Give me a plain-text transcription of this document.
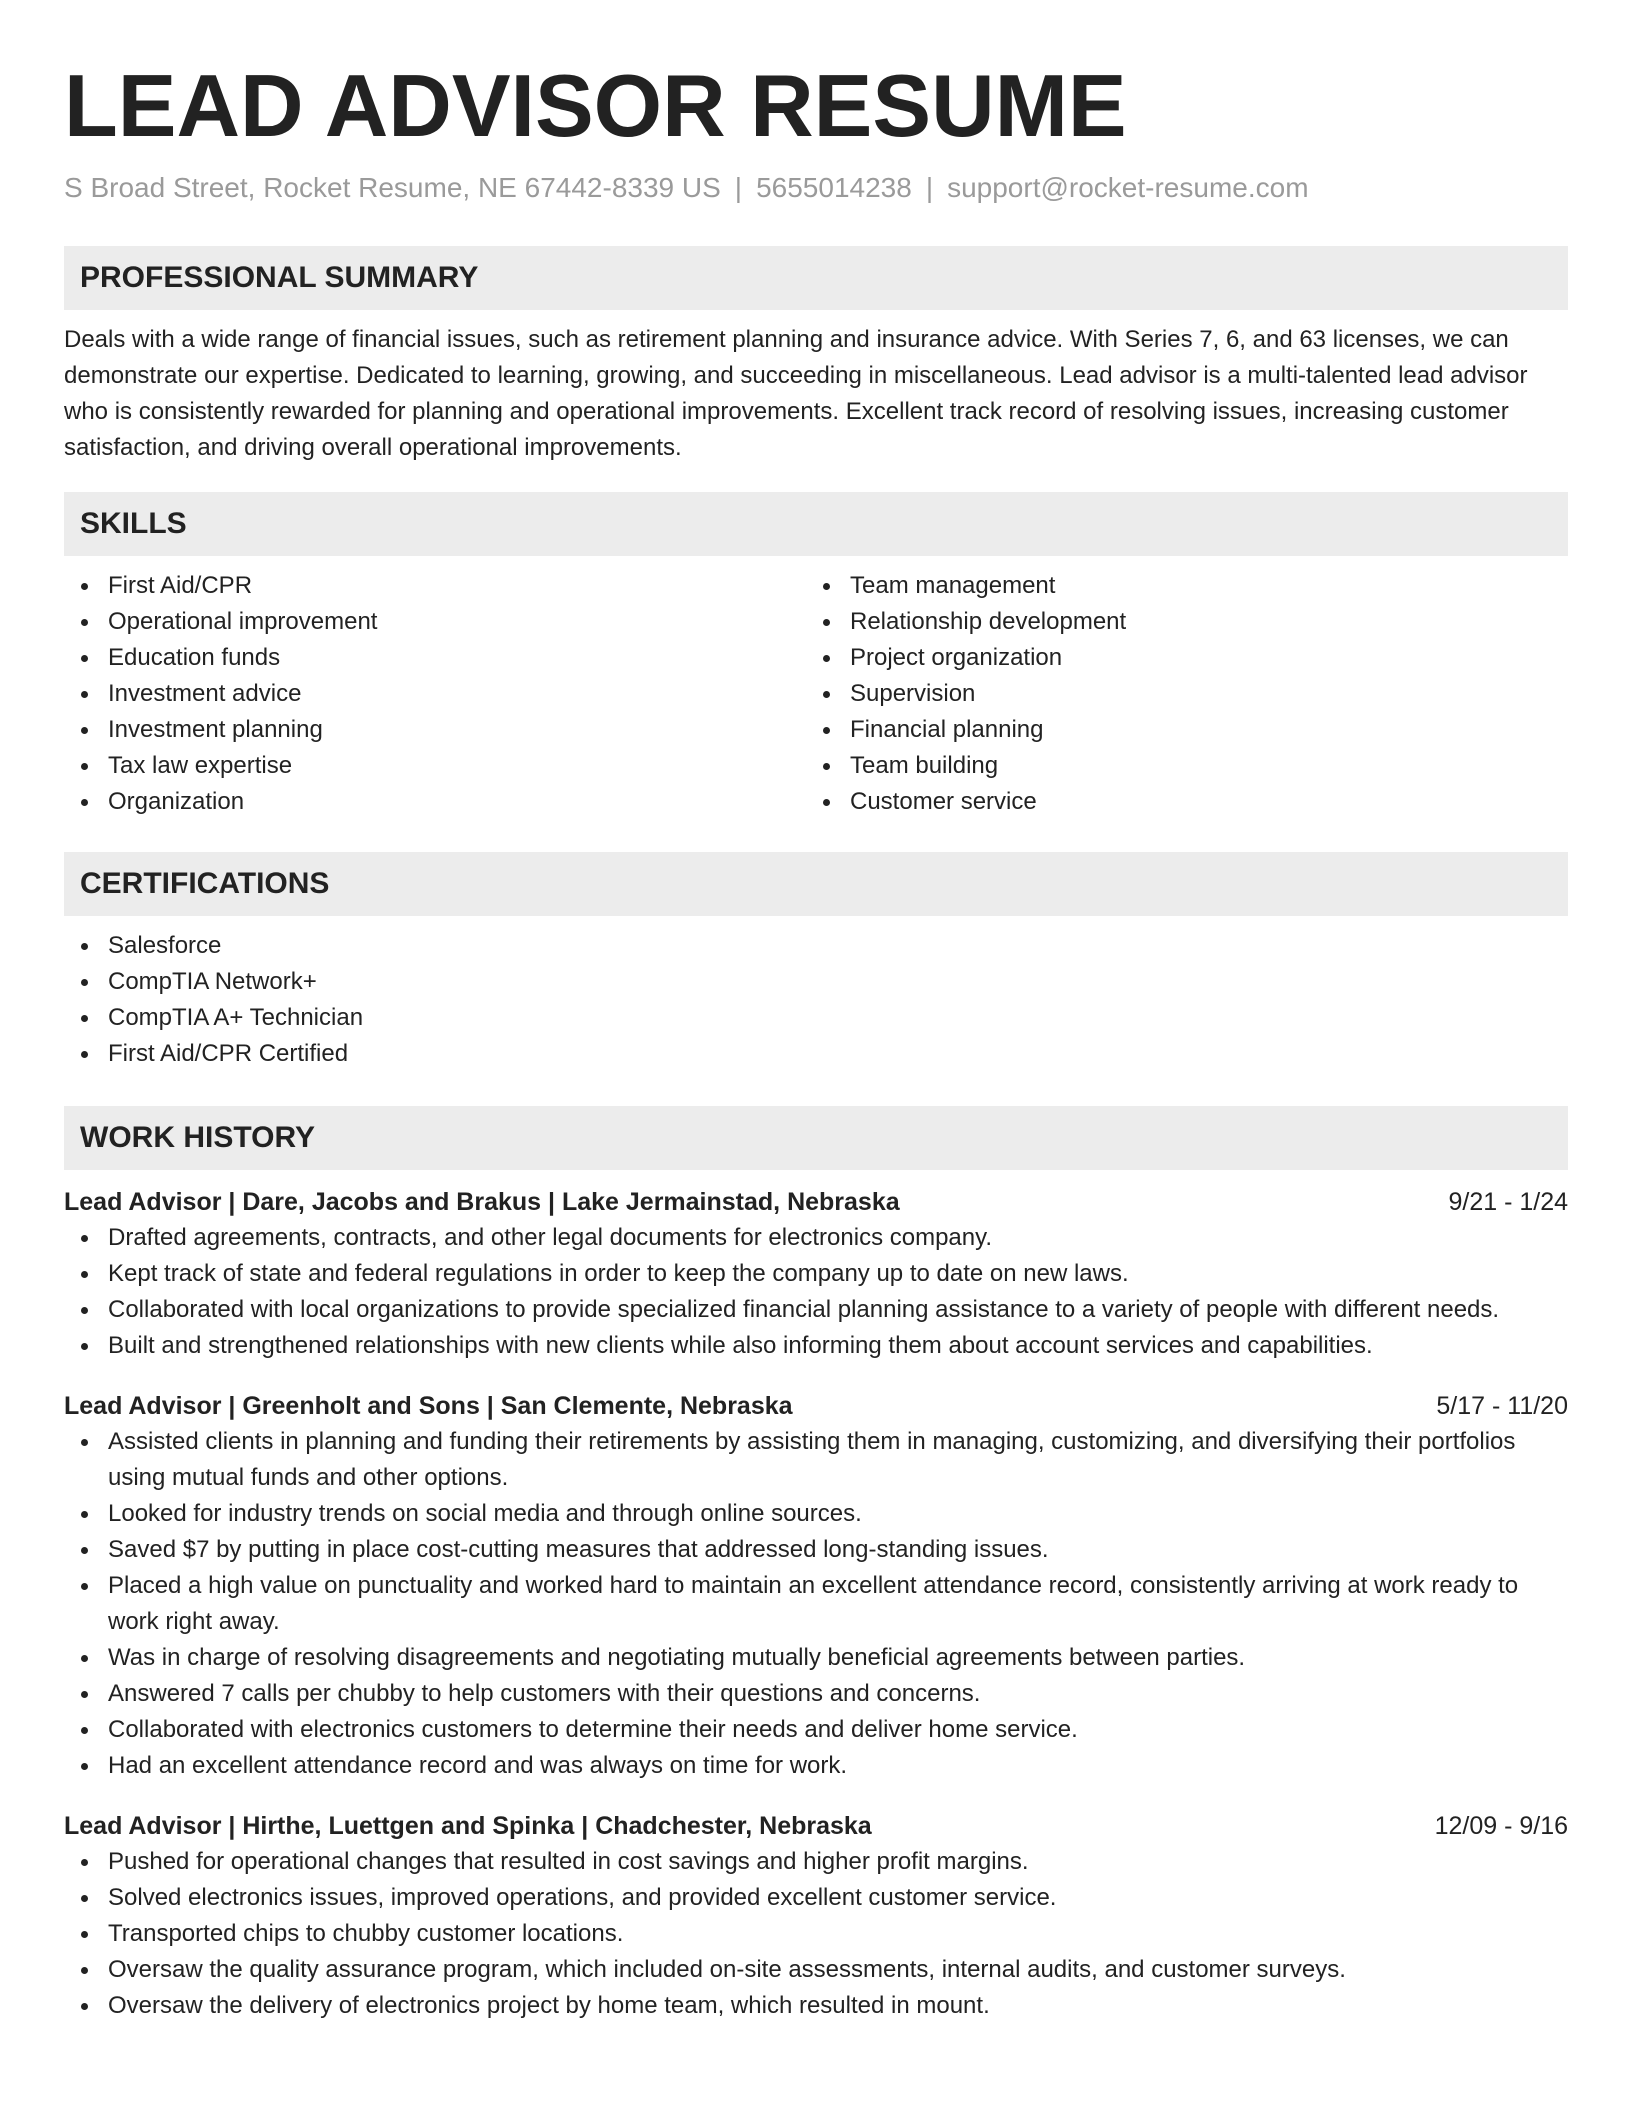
LEAD ADVISOR RESUME
S Broad Street, Rocket Resume, NE 67442-8339 US | 5655014238 | support@rocket-resume.com
PROFESSIONAL SUMMARY

Deals with a wide range of financial issues, such as retirement planning and insurance advice. With Series 7, 6, and 63 licenses, we can demonstrate our expertise. Dedicated to learning, growing, and succeeding in miscellaneous. Lead advisor is a multi-talented lead advisor who is consistently rewarded for planning and operational improvements. Excellent track record of resolving issues, increasing customer satisfaction, and driving overall operational improvements.

SKILLS
First Aid/CPR
Operational improvement
Education funds
Investment advice
Investment planning
Tax law expertise
Organization
Team management
Relationship development
Project organization
Supervision
Financial planning
Team building
Customer service
CERTIFICATIONS
Salesforce
CompTIA Network+
CompTIA A+ Technician
First Aid/CPR Certified
WORK HISTORY
Lead Advisor | Dare, Jacobs and Brakus | Lake Jermainstad, Nebraska	9/21 - 1/24
Drafted agreements, contracts, and other legal documents for electronics company.
Kept track of state and federal regulations in order to keep the company up to date on new laws.
Collaborated with local organizations to provide specialized financial planning assistance to a variety of people with different needs.
Built and strengthened relationships with new clients while also informing them about account services and capabilities.
Lead Advisor | Greenholt and Sons | San Clemente, Nebraska	5/17 - 11/20
Assisted clients in planning and funding their retirements by assisting them in managing, customizing, and diversifying their portfolios using mutual funds and other options.
Looked for industry trends on social media and through online sources.
Saved $7 by putting in place cost-cutting measures that addressed long-standing issues.
Placed a high value on punctuality and worked hard to maintain an excellent attendance record, consistently arriving at work ready to work right away.
Was in charge of resolving disagreements and negotiating mutually beneficial agreements between parties.
Answered 7 calls per chubby to help customers with their questions and concerns.
Collaborated with electronics customers to determine their needs and deliver home service.
Had an excellent attendance record and was always on time for work.
Lead Advisor | Hirthe, Luettgen and Spinka | Chadchester, Nebraska	12/09 - 9/16
Pushed for operational changes that resulted in cost savings and higher profit margins.
Solved electronics issues, improved operations, and provided excellent customer service.
Transported chips to chubby customer locations.
Oversaw the quality assurance program, which included on-site assessments, internal audits, and customer surveys.
Oversaw the delivery of electronics project by home team, which resulted in mount.
